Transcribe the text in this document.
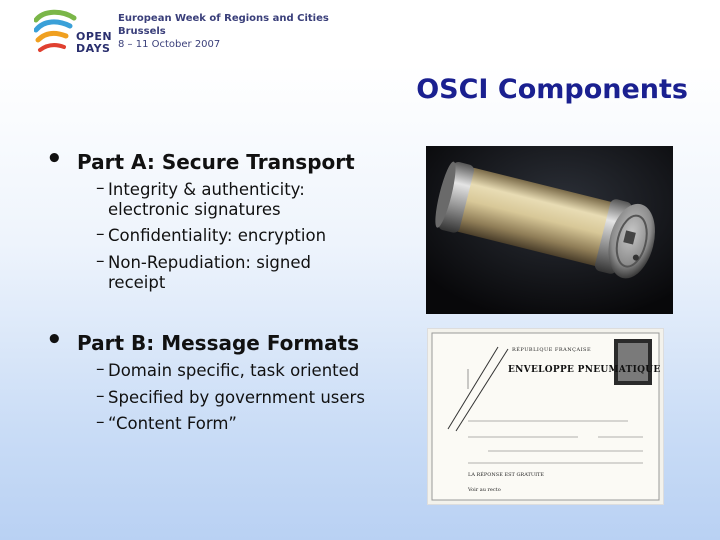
OPEN
DAYS
European Week of Regions and Cities
Brussels
8 – 11 October 2007
OSCI Components
• Part A: Secure Transport
– Integrity & authenticity: electronic signatures
– Confidentiality: encryption
– Non-Repudiation: signed receipt
• Part B: Message Formats
– Domain specific, task oriented
– Specified by government users
– “Content Form”
RÉPUBLIQUE FRANÇAISE
ENVELOPPE PNEUMATIQUE
LA RÉPONSE EST GRATUITE
Voir au recto
